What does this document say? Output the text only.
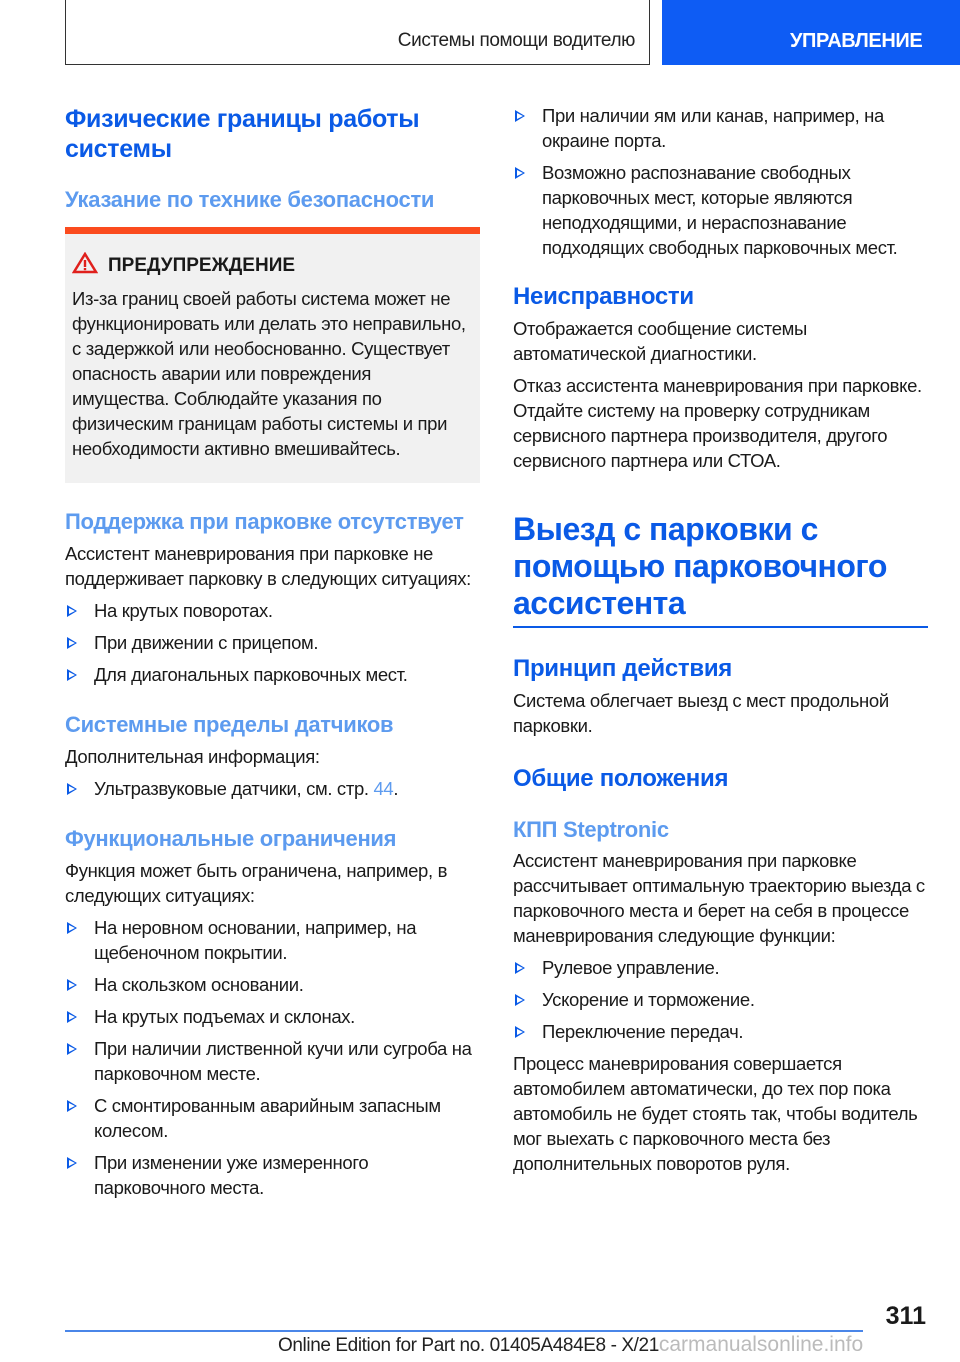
Системы помощи водителю	УПРАВЛЕНИЕ
Физические границы работы системы
Указание по технике безопасности
ПРЕДУПРЕЖДЕНИЕ

Из-за границ своей работы система может не функционировать или делать это неправильно, с задержкой или необоснованно. Существует опасность аварии или повреждения имущества. Соблюдайте указания по физическим границам работы системы и при необходимости активно вмешивайтесь.

Поддержка при парковке отсутствует

Ассистент маневрирования при парковке не поддерживает парковку в следующих ситуациях:

На крутых поворотах.
При движении с прицепом.
Для диагональных парковочных мест.
Системные пределы датчиков

Дополнительная информация:

Ультразвуковые датчики, см. стр. 44.
Функциональные ограничения

Функция может быть ограничена, например, в следующих ситуациях:

На неровном основании, например, на щебеночном покрытии.
На скользком основании.
На крутых подъемах и склонах.
При наличии лиственной кучи или сугроба на парковочном месте.
С смонтированным аварийным запасным колесом.
При изменении уже измеренного парковочного места.
При наличии ям или канав, например, на окраине порта.
Возможно распознавание свободных парковочных мест, которые являются неподходящими, и нераспознавание подходящих свободных парковочных мест.
Неисправности

Отображается сообщение системы автоматической диагностики.

Отказ ассистента маневрирования при парковке. Отдайте систему на проверку сотрудникам сервисного партнера производителя, другого сервисного партнера или СТОА.

Выезд с парковки с помощью парковочного ассистента
Принцип действия

Система облегчает выезд с мест продольной парковки.

Общие положения
КПП Steptronic

Ассистент маневрирования при парковке рассчитывает оптимальную траекторию выезда с парковочного места и берет на себя в процессе маневрирования следующие функции:

Рулевое управление.
Ускорение и торможение.
Переключение передач.

Процесс маневрирования совершается автомобилем автоматически, до тех пор пока автомобиль не будет стоять так, чтобы водитель мог выехать с парковочного места без дополнительных поворотов руля.

311
Online Edition for Part no. 01405A484E8 - X/21carmanualsonline.info
